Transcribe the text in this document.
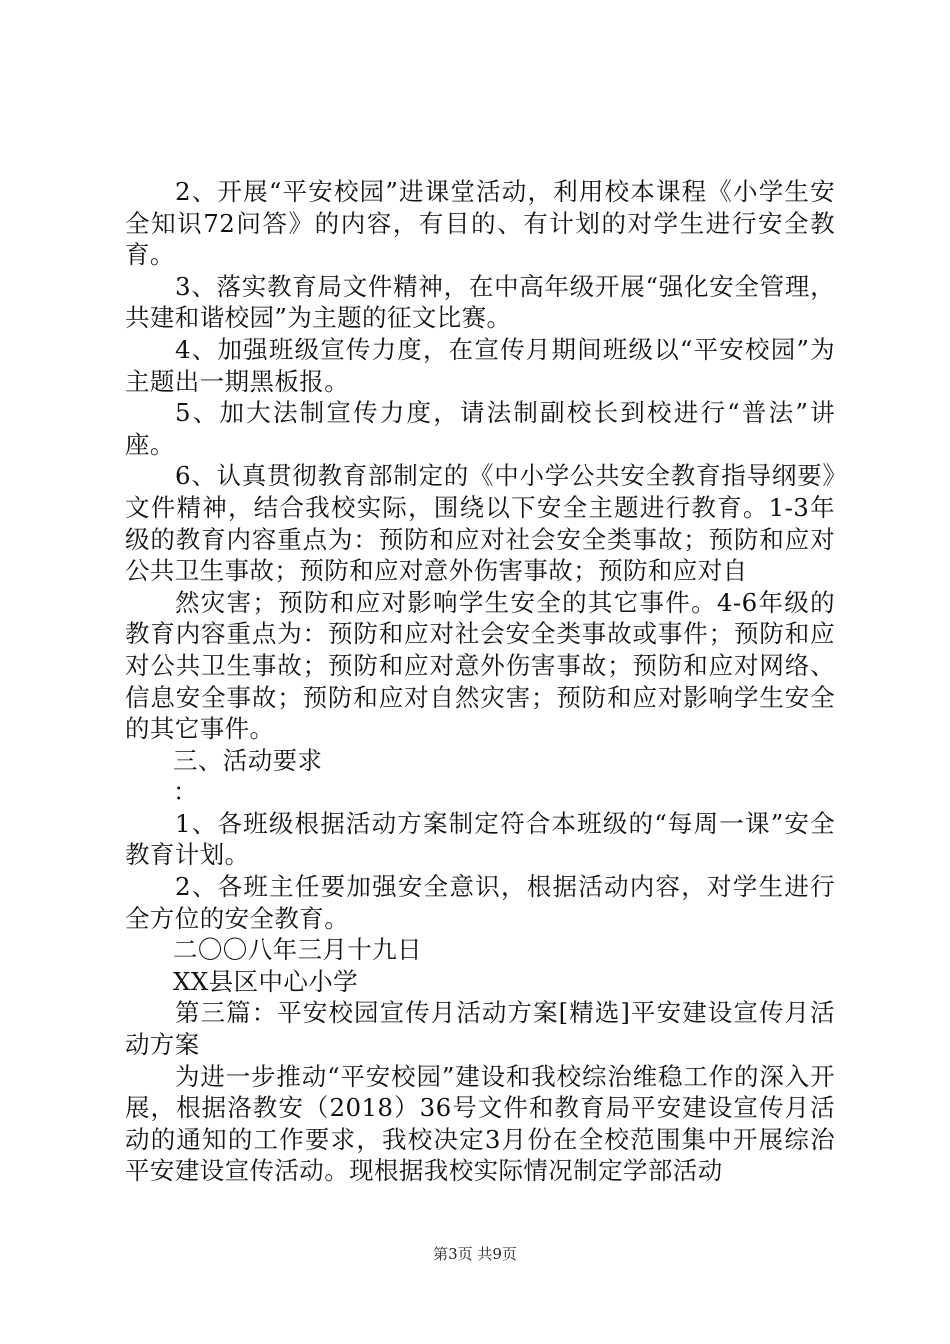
2、开展“平安校园”进课堂活动，利用校本课程《小学生安全知识72问答》的内容，有目的、有计划的对学生进行安全教育。

3、落实教育局文件精神，在中高年级开展“强化安全管理，共建和谐校园”为主题的征文比赛。

4、加强班级宣传力度，在宣传月期间班级以“平安校园”为主题出一期黑板报。

5、加大法制宣传力度，请法制副校长到校进行“普法”讲座。

6、认真贯彻教育部制定的《中小学公共安全教育指导纲要》文件精神，结合我校实际，围绕以下安全主题进行教育。1-3年级的教育内容重点为：预防和应对社会安全类事故；预防和应对公共卫生事故；预防和应对意外伤害事故；预防和应对自

然灾害；预防和应对影响学生安全的其它事件。4-6年级的教育内容重点为：预防和应对社会安全类事故或事件；预防和应对公共卫生事故；预防和应对意外伤害事故；预防和应对网络、信息安全事故；预防和应对自然灾害；预防和应对影响学生安全的其它事件。

三、活动要求

：

1、各班级根据活动方案制定符合本班级的“每周一课”安全教育计划。

2、各班主任要加强安全意识，根据活动内容，对学生进行全方位的安全教育。

二〇〇八年三月十九日

XX县区中心小学

第三篇：平安校园宣传月活动方案[精选]平安建设宣传月活动方案

为进一步推动“平安校园”建设和我校综治维稳工作的深入开展，根据洛教安（2018）36号文件和教育局平安建设宣传月活动的通知的工作要求，我校决定3月份在全校范围集中开展综治平安建设宣传活动。现根据我校实际情况制定学部活动

第3页 共9页
